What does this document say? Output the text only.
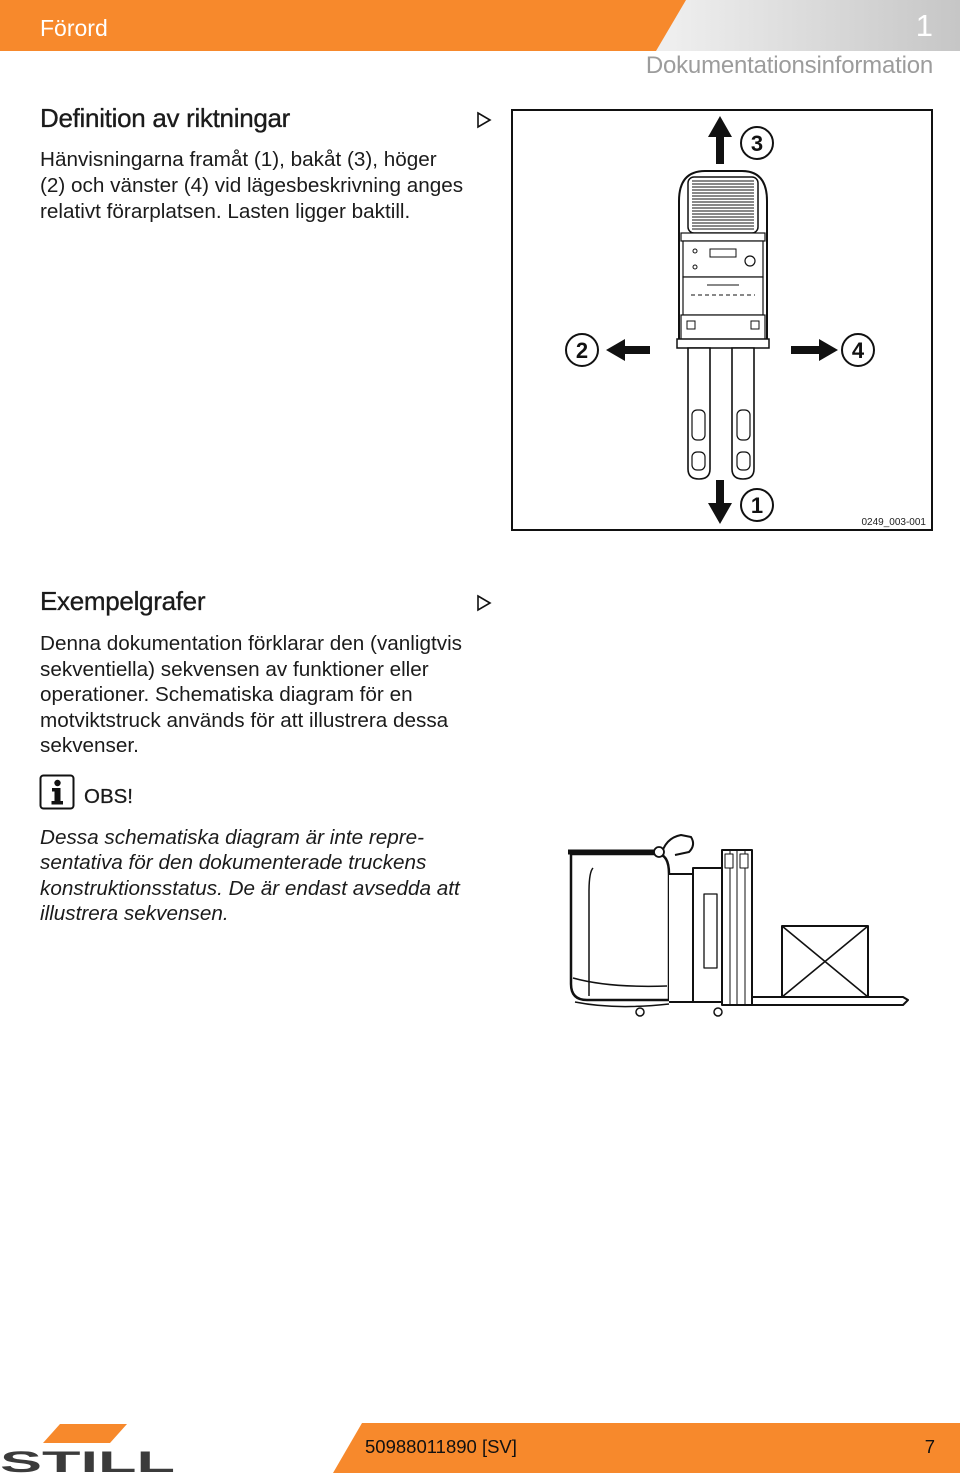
Förord	1
Dokumentationsinformation
Definition av riktningar
Hänvisningarna framåt (1), bakåt (3), höger
(2) och vänster (4) vid lägesbeskrivning anges
relativt förarplatsen. Lasten ligger baktill.
3
2	4
1
0249_003-001
Exempelgrafer
Denna dokumentation förklarar den (vanligtvis
sekventiella) sekvensen av funktioner eller
operationer. Schematiska diagram för en
motviktstruck används för att illustrera dessa
sekvenser.
OBS!
Dessa schematiska diagram är inte repre-
sentativa för den dokumenterade truckens
konstruktionsstatus. De är endast avsedda att
illustrera sekvensen.
STILL	50988011890 [SV]	7
